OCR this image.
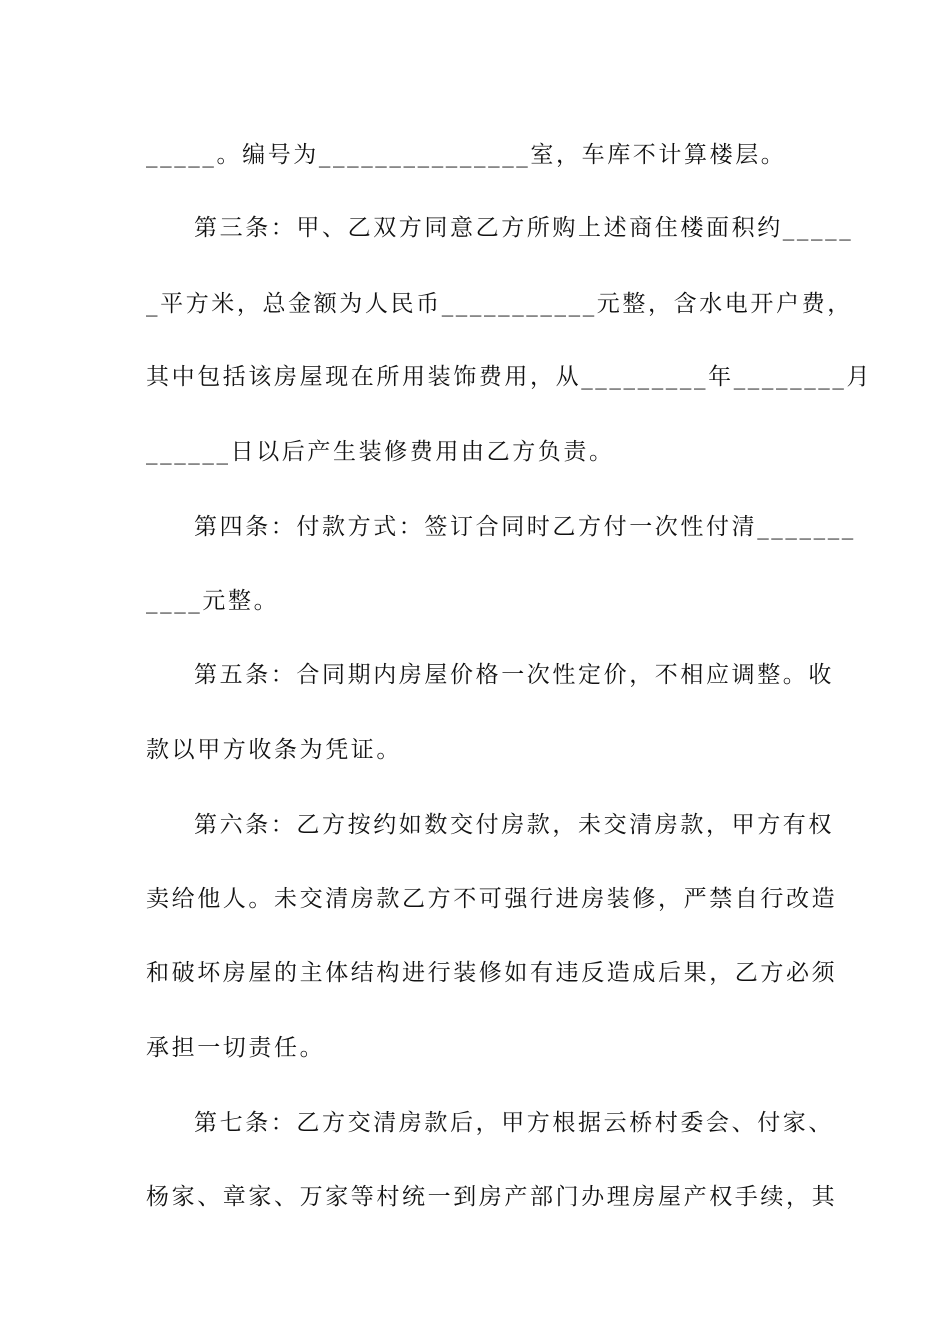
_____。编号为_______________室，车库不计算楼层。
第三条：甲、乙双方同意乙方所购上述商住楼面积约_____
_平方米，总金额为人民币___________元整，含水电开户费，
其中包括该房屋现在所用装饰费用，从_________年________月
______日以后产生装修费用由乙方负责。
第四条：付款方式：签订合同时乙方付一次性付清_______
____元整。
第五条：合同期内房屋价格一次性定价，不相应调整。收
款以甲方收条为凭证。
第六条：乙方按约如数交付房款，未交清房款，甲方有权
卖给他人。未交清房款乙方不可强行进房装修，严禁自行改造
和破坏房屋的主体结构进行装修如有违反造成后果，乙方必须
承担一切责任。
第七条：乙方交清房款后，甲方根据云桥村委会、付家、
杨家、章家、万家等村统一到房产部门办理房屋产权手续，其
